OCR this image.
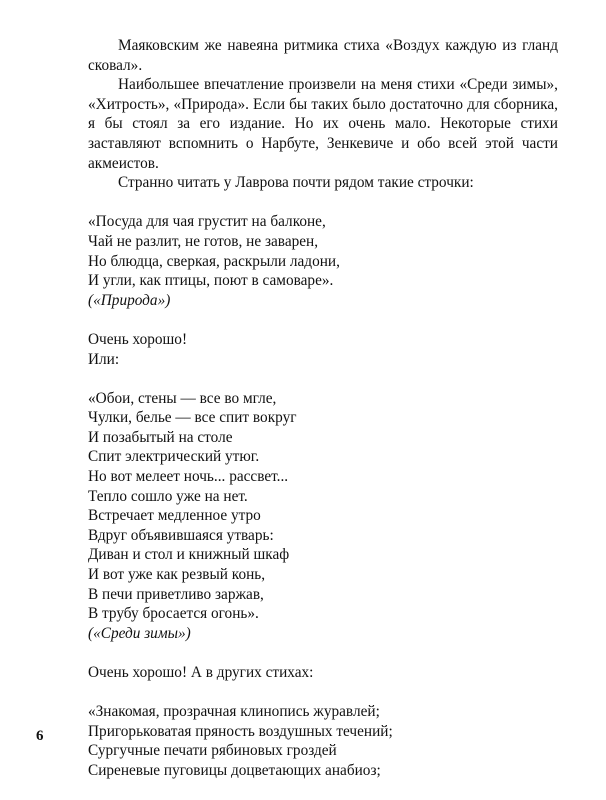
Маяковским же навеяна ритмика стиха «Воздух каждую из гланд сковал».

Наибольшее впечатление произвели на меня стихи «Среди зимы», «Хитрость», «Природа». Если бы таких было достаточно для сборника, я бы стоял за его издание. Но их очень мало. Некоторые стихи заставляют вспомнить о Нарбуте, Зенкевиче и обо всей этой части акмеистов.

Странно читать у Лаврова почти рядом такие строчки:

«Посуда для чая грустит на балконе,

Чай не разлит, не готов, не заварен,

Но блюдца, сверкая, раскрыли ладони,

И угли, как птицы, поют в самоваре».

(«Природа»)

Очень хорошо!

Или:

«Обои, стены — все во мгле,

Чулки, белье — все спит вокруг

И позабытый на столе

Спит электрический утюг.

Но вот мелеет ночь... рассвет...

Тепло сошло уже на нет.

Встречает медленное утро

Вдруг объявившаяся утварь:

Диван и стол и книжный шкаф

И вот уже как резвый конь,

В печи приветливо заржав,

В трубу бросается огонь».

(«Среди зимы»)

Очень хорошо! А в других стихах:

«Знакомая, прозрачная клинопись журавлей;

Пригорьковатая пряность воздушных течений;

Сургучные печати рябиновых гроздей

Сиреневые пуговицы доцветающих анабиоз;

6
